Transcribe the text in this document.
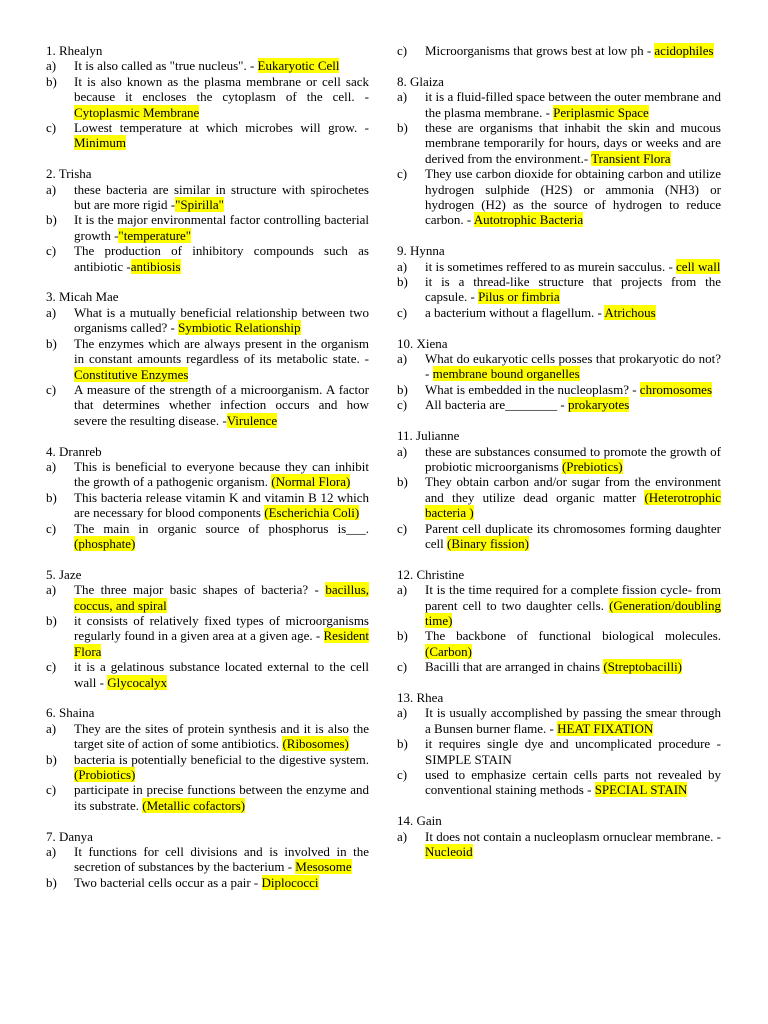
1. Rhealyn
a)	It is also called as "true nucleus". - Eukaryotic Cell
b)	It is also known as the plasma membrane or cell sack because it encloses the cytoplasm of the cell. - Cytoplasmic Membrane
c)	Lowest temperature at which microbes will grow. - Minimum
2. Trisha
a)	these bacteria are similar in structure with spirochetes but are more rigid -"Spirilla"
b)	It is the major environmental factor controlling bacterial growth -"temperature"
c)	The production of inhibitory compounds such as antibiotic -antibiosis
3. Micah Mae
a)	What is a mutually beneficial relationship between two organisms called? - Symbiotic Relationship
b)	The enzymes which are always present in the organism in constant amounts regardless of its metabolic state. - Constitutive Enzymes
c)	A measure of the strength of a microorganism. A factor that determines whether infection occurs and how severe the resulting disease. -Virulence
4. Dranreb
a)	This is beneficial to everyone because they can inhibit the growth of a pathogenic organism. (Normal Flora)
b)	This bacteria release vitamin K and vitamin B 12 which are necessary for blood components (Escherichia Coli)
c)	The main in organic source of phosphorus is___. (phosphate)
5. Jaze
a)	The three major basic shapes of bacteria? - bacillus, coccus, and spiral
b)	it consists of relatively fixed types of microorganisms regularly found in a given area at a given age. - Resident Flora
c)	it is a gelatinous substance located external to the cell wall - Glycocalyx
6. Shaina
a)	They are the sites of protein synthesis and it is also the target site of action of some antibiotics. (Ribosomes)
b)	bacteria is potentially beneficial to the digestive system. (Probiotics)
c)	participate in precise functions between the enzyme and its substrate. (Metallic cofactors)
7. Danya
a)	It functions for cell divisions and is involved in the secretion of substances by the bacterium - Mesosome
b)	Two bacterial cells occur as a pair - Diplococci
c)	Microorganisms that grows best at low ph - acidophiles
8. Glaiza
a)	it is a fluid-filled space between the outer membrane and the plasma membrane. - Periplasmic Space
b)	these are organisms that inhabit the skin and mucous membrane temporarily for hours, days or weeks and are derived from the environment.- Transient Flora
c)	They use carbon dioxide for obtaining carbon and utilize hydrogen sulphide (H2S) or ammonia (NH3) or hydrogen (H2) as the source of hydrogen to reduce carbon. - Autotrophic Bacteria
9. Hynna
a)	it is sometimes reffered to as murein sacculus. - cell wall
b)	it is a thread-like structure that projects from the capsule. - Pilus or fimbria
c)	a bacterium without a flagellum. - Atrichous
10. Xiena
a)	What do eukaryotic cells posses that prokaryotic do not? - membrane bound organelles
b)	What is embedded in the nucleoplasm? - chromosomes
c)	All bacteria are________ - prokaryotes
11. Julianne
a)	these are substances consumed to promote the growth of probiotic microorganisms (Prebiotics)
b)	They obtain carbon and/or sugar from the environment and they utilize dead organic matter (Heterotrophic bacteria )
c)	Parent cell duplicate its chromosomes forming daughter cell (Binary fission)
12. Christine
a)	It is the time required for a complete fission cycle- from parent cell to two daughter cells. (Generation/doubling time)
b)	The backbone of functional biological molecules. (Carbon)
c)	Bacilli that are arranged in chains (Streptobacilli)
13. Rhea
a)	It is usually accomplished by passing the smear through a Bunsen burner flame. - HEAT FIXATION
b)	it requires single dye and uncomplicated procedure - SIMPLE STAIN
c)	used to emphasize certain cells parts not revealed by conventional staining methods - SPECIAL STAIN
14. Gain
a)	It does not contain a nucleoplasm ornuclear membrane. - Nucleoid
